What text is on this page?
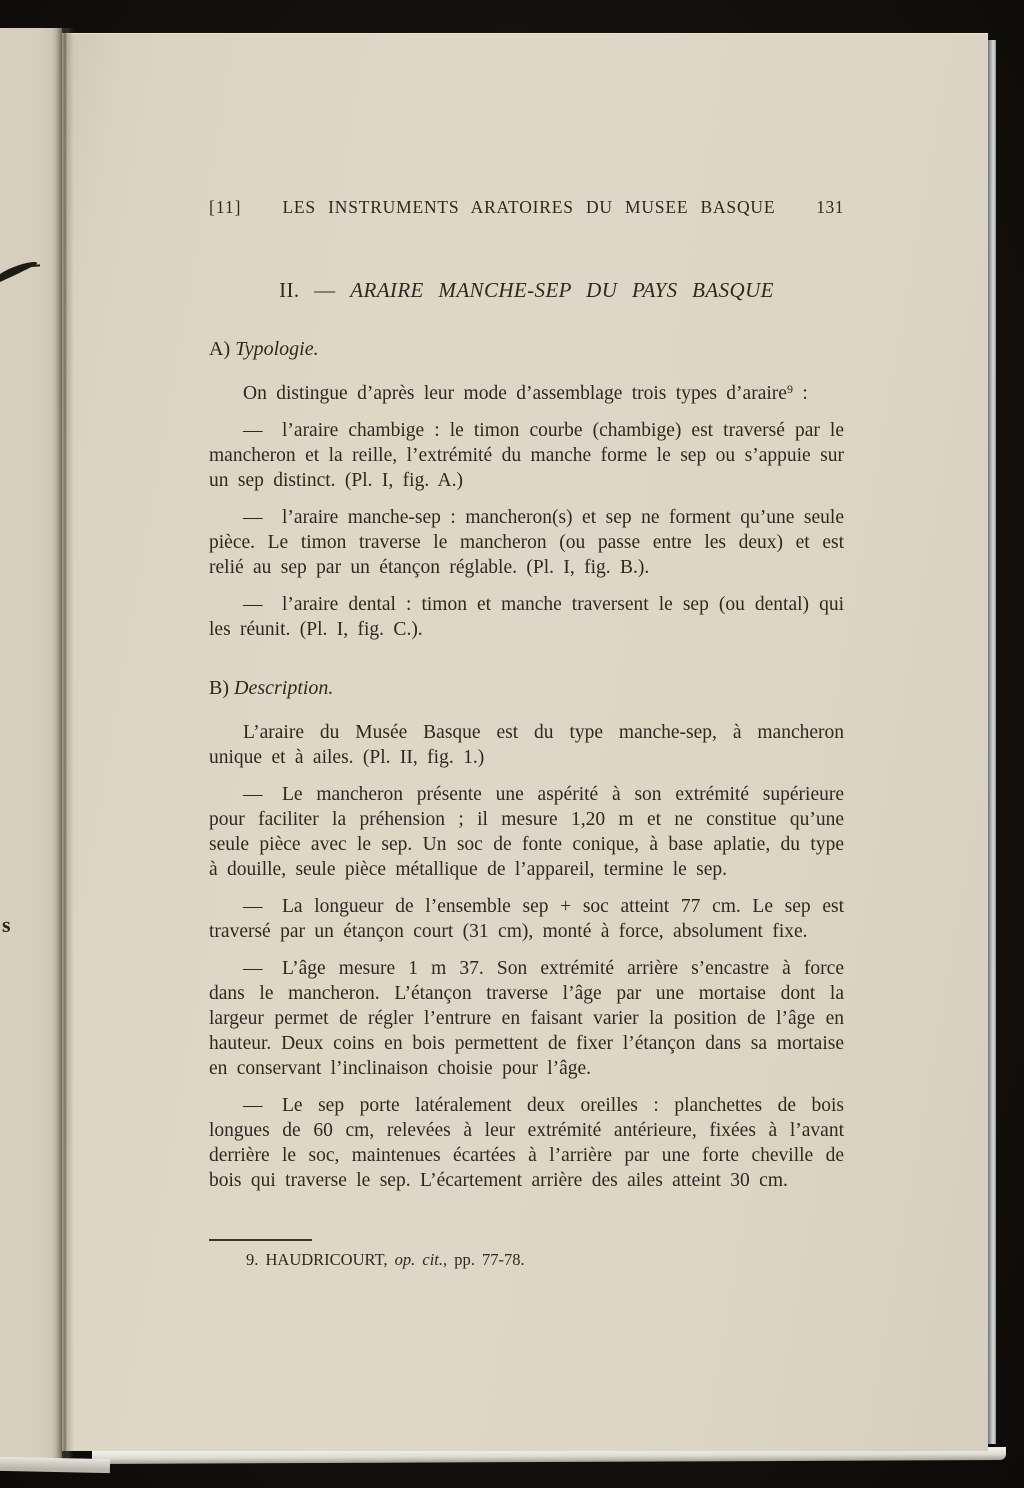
s
[11]	LES INSTRUMENTS ARATOIRES DU MUSEE BASQUE	131
II. — ARAIRE MANCHE-SEP DU PAYS BASQUE
A) Typologie.

On distingue d’après leur mode d’assemblage trois types d’araire$^9$ :

— l’araire chambige : le timon courbe (chambige) est traversé par le mancheron et la reille, l’extrémité du manche forme le sep ou s’appuie sur un sep distinct. (Pl. I, fig. A.)

— l’araire manche-sep : mancheron(s) et sep ne forment qu’une seule pièce. Le timon traverse le mancheron (ou passe entre les deux) et est relié au sep par un étançon réglable. (Pl. I, fig. B.).

— l’araire dental : timon et manche traversent le sep (ou dental) qui les réunit. (Pl. I, fig. C.).

B) Description.

L’araire du Musée Basque est du type manche-sep, à mancheron unique et à ailes. (Pl. II, fig. 1.)

— Le mancheron présente une aspérité à son extrémité supérieure pour faciliter la préhension ; il mesure 1,20 m et ne constitue qu’une seule pièce avec le sep. Un soc de fonte conique, à base aplatie, du type à douille, seule pièce métallique de l’appareil, termine le sep.

— La longueur de l’ensemble sep + soc atteint 77 cm. Le sep est traversé par un étançon court (31 cm), monté à force, absolument fixe.

— L’âge mesure 1 m 37. Son extrémité arrière s’encastre à force dans le mancheron. L’étançon traverse l’âge par une mortaise dont la largeur permet de régler l’entrure en faisant varier la position de l’âge en hauteur. Deux coins en bois permettent de fixer l’étançon dans sa mortaise en conservant l’inclinaison choisie pour l’âge.

— Le sep porte latéralement deux oreilles : planchettes de bois longues de 60 cm, relevées à leur extrémité antérieure, fixées à l’avant derrière le soc, maintenues écartées à l’arrière par une forte cheville de bois qui traverse le sep. L’écartement arrière des ailes atteint 30 cm.

9. HAUDRICOURT, op. cit., pp. 77-78.
